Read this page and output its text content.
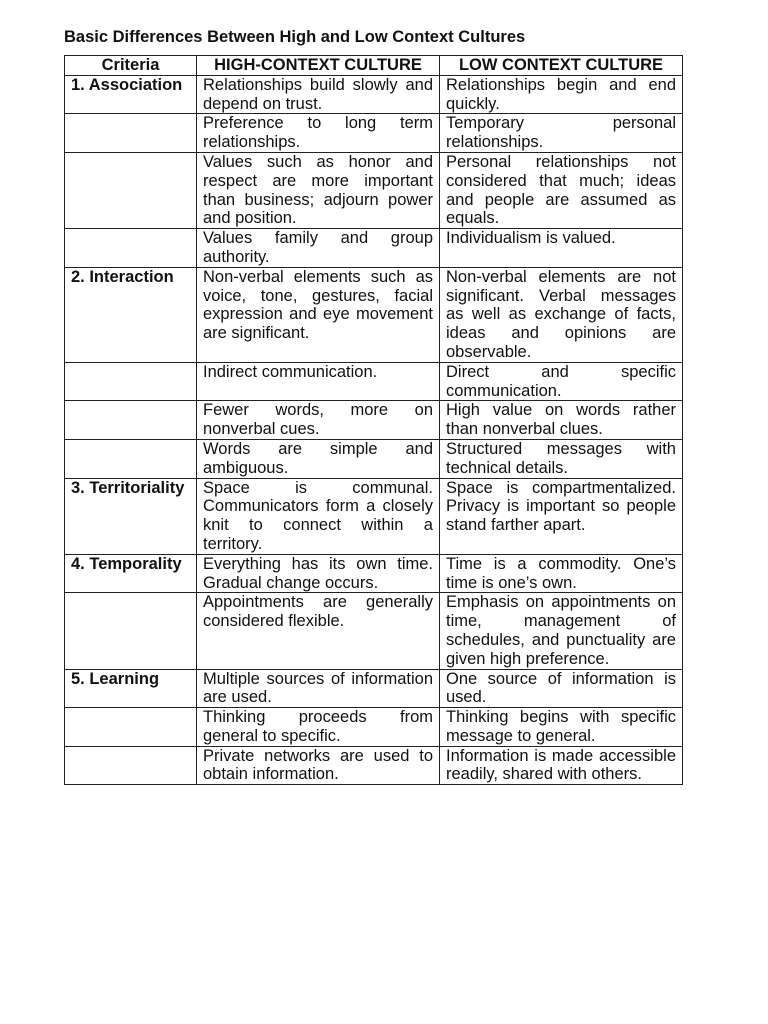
Basic Differences Between High and Low Context Cultures
Criteria	HIGH-CONTEXT CULTURE	LOW CONTEXT CULTURE
1. Association	Relationships build slowly and depend on trust.	Relationships begin and end quickly.
	Preference to long term relationships.	Temporary personal relationships.
	Values such as honor and respect are more important than business; adjourn power and position.	Personal relationships not considered that much; ideas and people are assumed as equals.
	Values family and group authority.	Individualism is valued.
2. Interaction	Non-verbal elements such as voice, tone, gestures, facial expression and eye movement are significant.	Non-verbal elements are not significant. Verbal messages as well as exchange of facts, ideas and opinions are observable.
	Indirect communication.	Direct and specific communication.
	Fewer words, more on nonverbal cues.	High value on words rather than nonverbal clues.
	Words are simple and ambiguous.	Structured messages with technical details.
3. Territoriality	Space is communal. Communicators form a closely knit to connect within a territory.	Space is compartmentalized. Privacy is important so people stand farther apart.
4. Temporality	Everything has its own time. Gradual change occurs.	Time is a commodity. One’s time is one’s own.
	Appointments are generally considered flexible.	Emphasis on appointments on time, management of schedules, and punctuality are given high preference.
5. Learning	Multiple sources of information are used.	One source of information is used.
	Thinking proceeds from general to specific.	Thinking begins with specific message to general.
	Private networks are used to obtain information.	Information is made accessible readily, shared with others.
